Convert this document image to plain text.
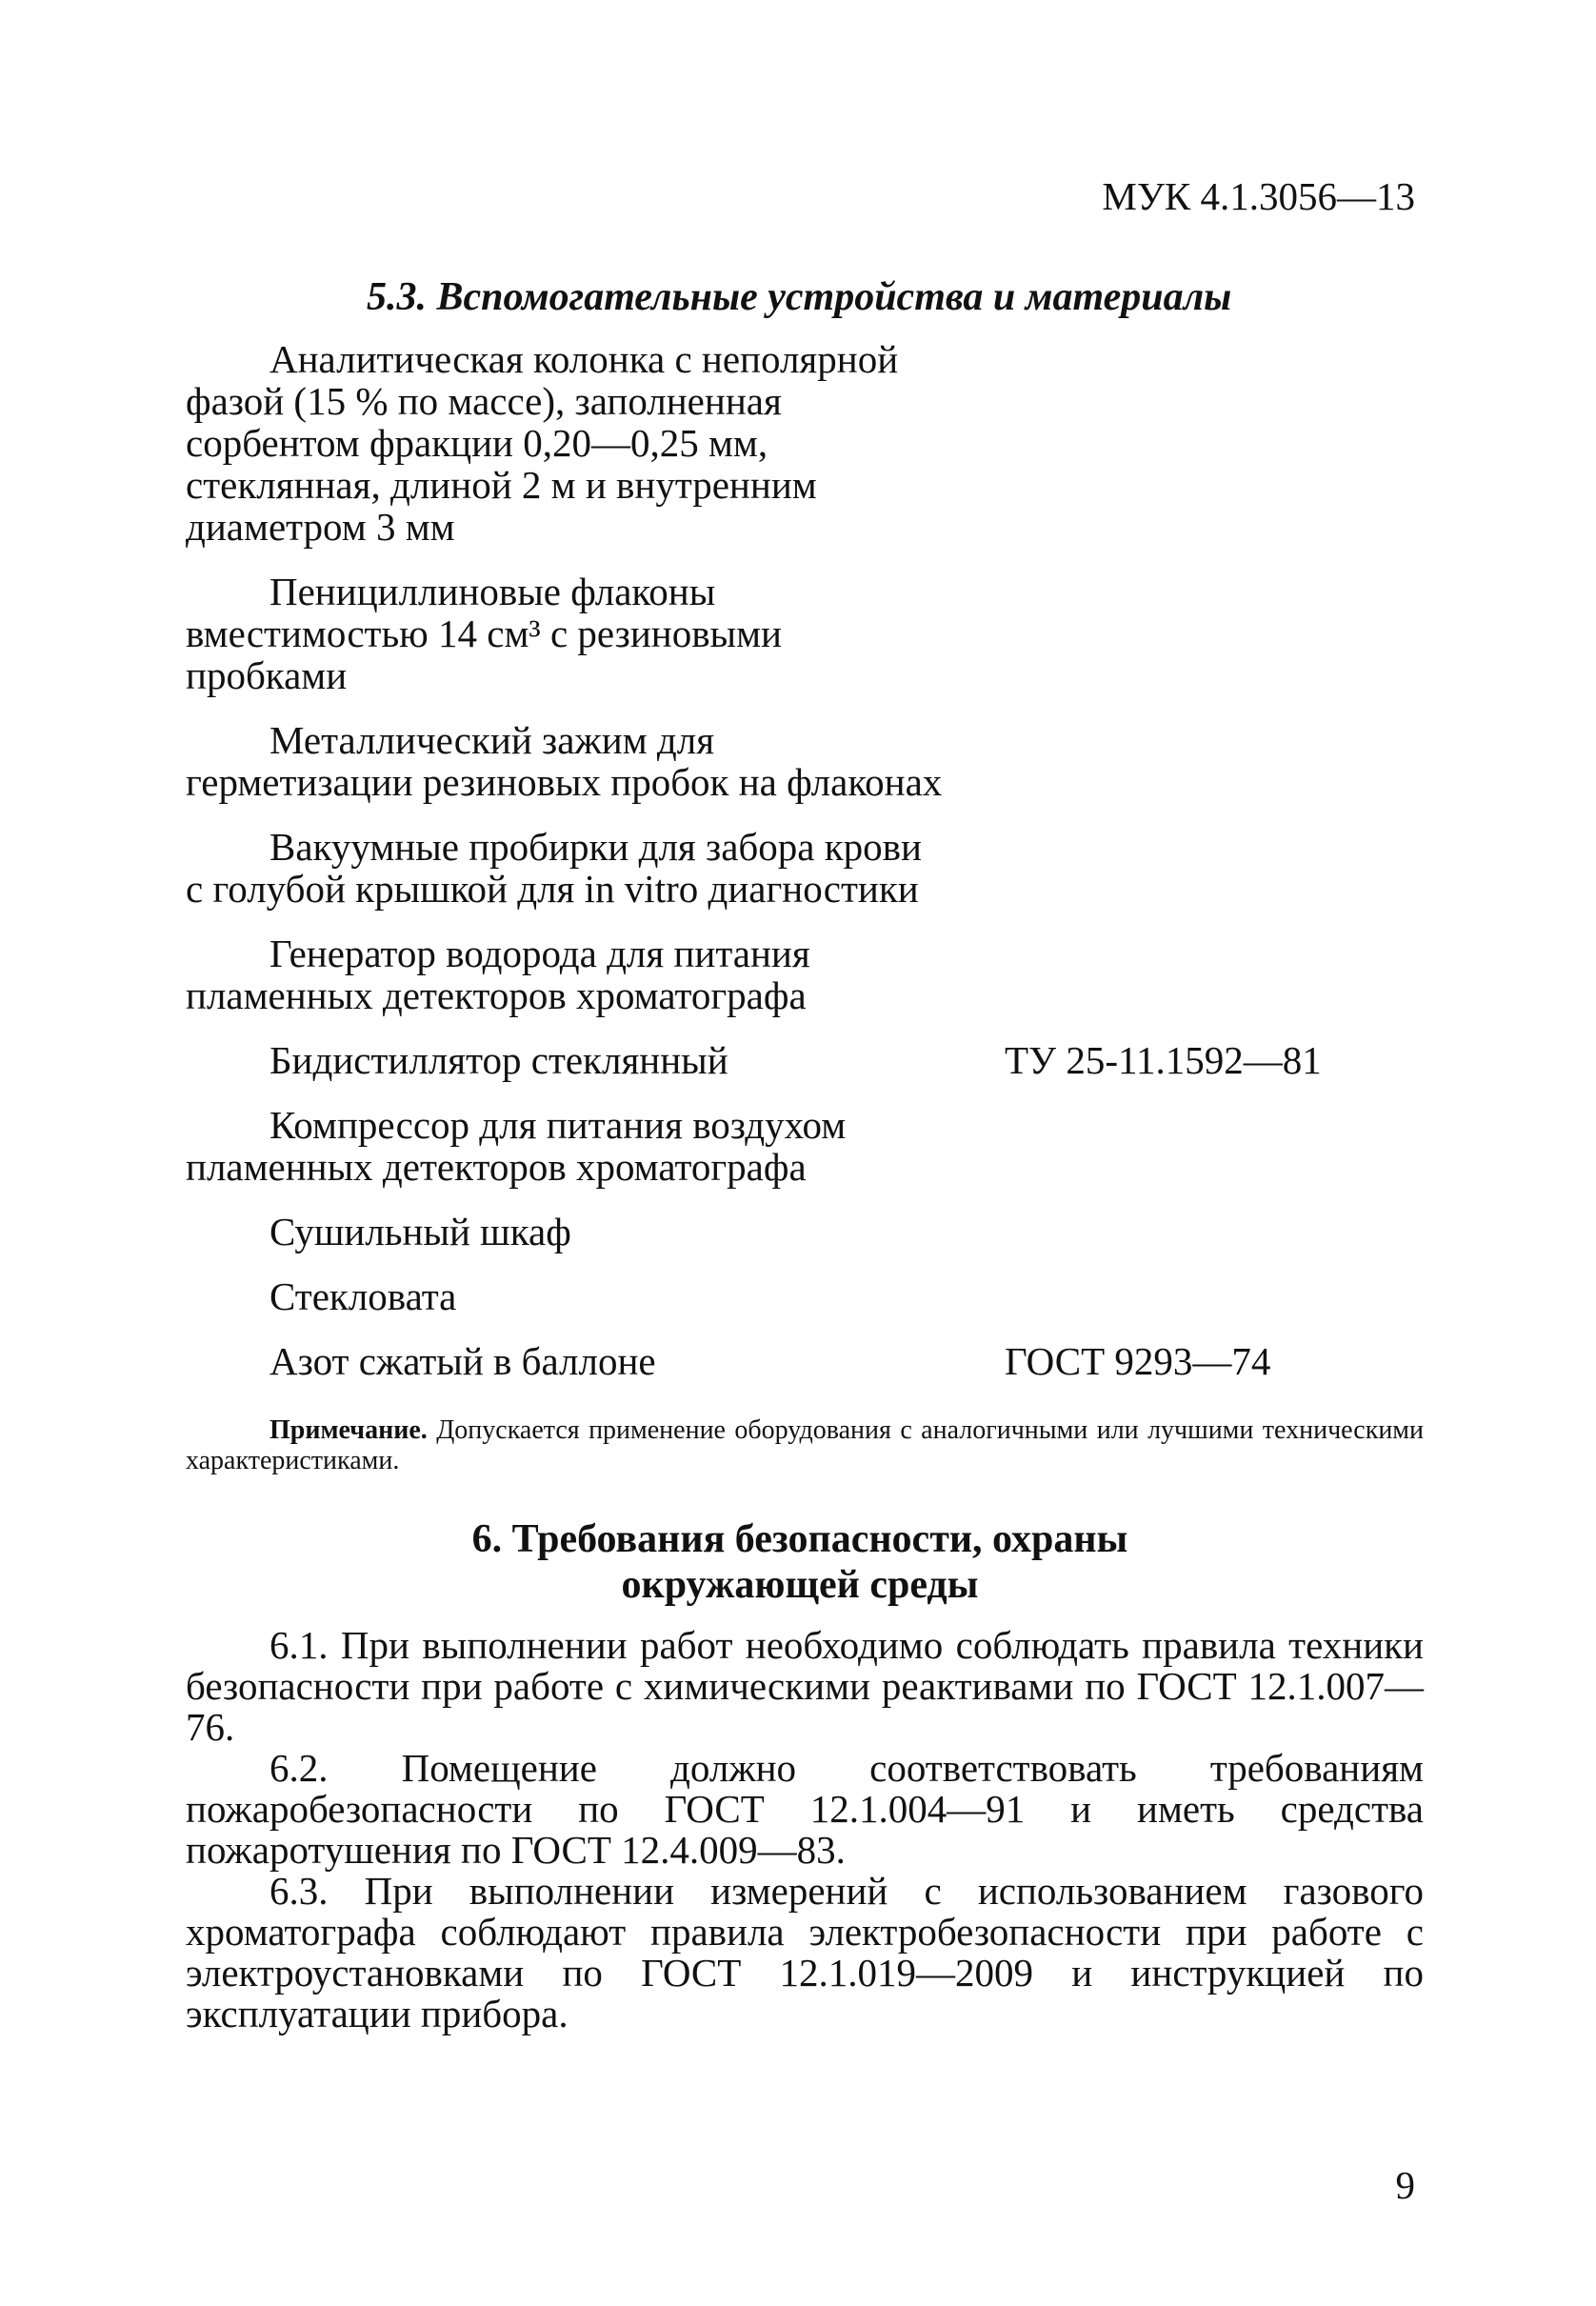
МУК 4.1.3056—13
5.3. Вспомогательные устройства и материалы
Аналитическая колонка с неполярной фазой (15 % по массе), заполненная сорбентом фракции 0,20—0,25 мм, стеклянная, длиной 2 м и внутренним диаметром 3 мм
Пенициллиновые флаконы вместимостью 14 см³ с резиновыми пробками
Металлический зажим для герметизации резиновых пробок на флаконах
Вакуумные пробирки для забора крови с голубой крышкой для in vitro диагностики
Генератор водорода для питания пламенных детекторов хроматографа
Бидистиллятор стеклянный	ТУ 25-11.1592—81
Компрессор для питания воздухом пламенных детекторов хроматографа
Сушильный шкаф
Стекловата
Азот сжатый в баллоне	ГОСТ 9293—74
Примечание. Допускается применение оборудования с аналогичными или лучшими техническими характеристиками.
6. Требования безопасности, охраны
окружающей среды

6.1. При выполнении работ необходимо соблюдать правила техники безопасности при работе с химическими реактивами по ГОСТ 12.1.007—76.

6.2. Помещение должно соответствовать требованиям пожаробезопасности по ГОСТ 12.1.004—91 и иметь средства пожаротушения по ГОСТ 12.4.009—83.

6.3. При выполнении измерений с использованием газового хроматографа соблюдают правила электробезопасности при работе с электроустановками по ГОСТ 12.1.019—2009 и инструкцией по эксплуатации прибора.

9
